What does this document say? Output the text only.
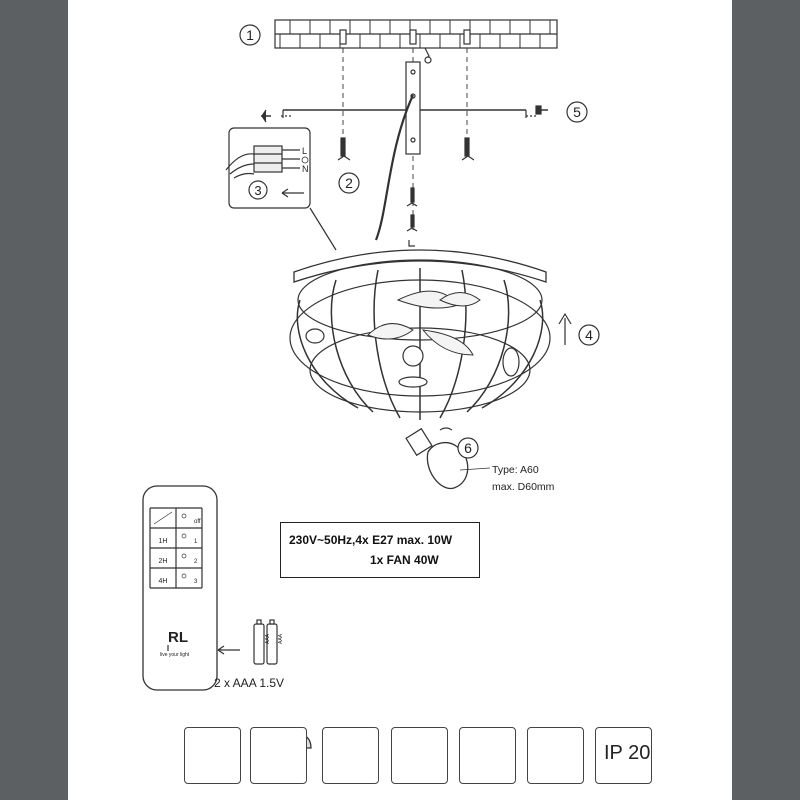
1
5
2
L
N
3
4
6
1H
2H
4H
off
1
2
3
RL
live your light
AAA AAA
Type: A60
max. D60mm
230V~50Hz,4x E27 max. 10W
1x FAN 40W
2 x AAA 1.5V
IP 20
